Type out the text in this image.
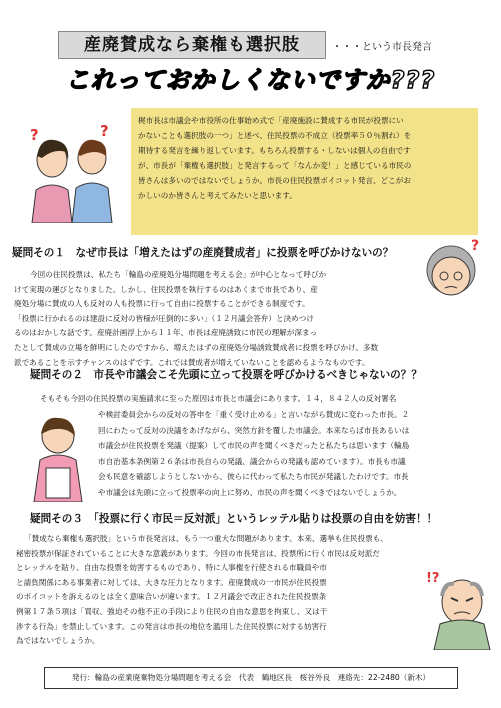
産廃賛成なら棄権も選択肢	・・・という市長発言
これっておかしくないですか???
?	?
梶市長は市議会や市役所の仕事始め式で「産廃施設に賛成する市民が投票にい
かないことも選択肢の一つ」と述べ、住民投票の不成立（投票率５０％割れ）を
期待する発言を繰り返しています。もちろん投票する・しないは個人の自由です
が、市長が「棄権も選択肢」と発言するって「なんか変！」と感じている市民の
皆さんは多いのではないでしょうか。市長の住民投票ボイコット発言、どこがお
かしいのか皆さんと考えてみたいと思います。
疑問その１　なぜ市長は「増えたはずの産廃賛成者」に投票を呼びかけないの？
今回の住民投票は、私たち「輪島の産廃処分場問題を考える会」が中心となって呼びか
けて実現の運びとなりました。しかし、住民投票を執行するのはあくまで市長であり、産
廃処分場に賛成の人も反対の人も投票に行って自由に投票することができる制度です。
「投票に行かれるのは建設に反対の皆様が圧倒的に多い」（１２月議会答弁）と決めつけ
るのはおかしな話です。産廃計画浮上から１１年、市長は産廃誘致に市民の理解が深まっ
たとして賛成の立場を鮮明にしたのですから、増えたはずの産廃処分場誘致賛成者に投票を呼びかけ、多数
派であることを示すチャンスのはずです。これでは賛成者が増えていないことを認めるようなものです。
?
疑問その２　市長や市議会こそ先頭に立って投票を呼びかけるべきじゃないの？？
そもそも今回の住民投票の実施請求に至った原因は市長と市議会にあります。１４，８４２人の反対署名
や検討委員会からの反対の答申を「重く受け止める」と言いながら賛成に変わった市長。２
回にわたって反対の決議をあげながら、突然方針を覆した市議会。本来ならば市長あるいは
市議会が住民投票を発議（提案）して市民の声を聞くべきだったと私たちは思います（輪島
市自治基本条例第２６条は市長自らの発議、議会からの発議も認めています）。市長も市議
会も民意を確認しようとしないから、彼らに代わって私たち市民が発議したわけです。市長
や市議会は先頭に立って投票率の向上に努め、市民の声を聞くべきではないでしょうか。
疑問その３　「投票に行く市民＝反対派」というレッテル貼りは投票の自由を妨害！！
「賛成なら棄権も選択肢」という市長発言は、もう一つ重大な問題があります。本来、選挙も住民投票も、
秘密投票が保証されていることに大きな意義があります。今回の市長発言は、投票所に行く市民は反対派だ
とレッテルを貼り、自由な投票を妨害するものであり、特に人事権を行使される市職員や市
と請負関係にある事業者に対しては、大きな圧力となります。産廃賛成の一市民が住民投票
のボイコットを訴えるのとは全く意味合いが違います。１２月議会で改正された住民投票条
例第１７条５項は「買収、強迫その他不正の手段により住民の自由な意思を拘束し、又は干
渉する行為」を禁止しています。この発言は市長の地位を濫用した住民投票に対する妨害行
為ではないでしょうか。
!?
発行：輪島の産業廃棄物処分場問題を考える会　代表　鶴地区長　桜谷外良　連絡先：22-2480（新木）
